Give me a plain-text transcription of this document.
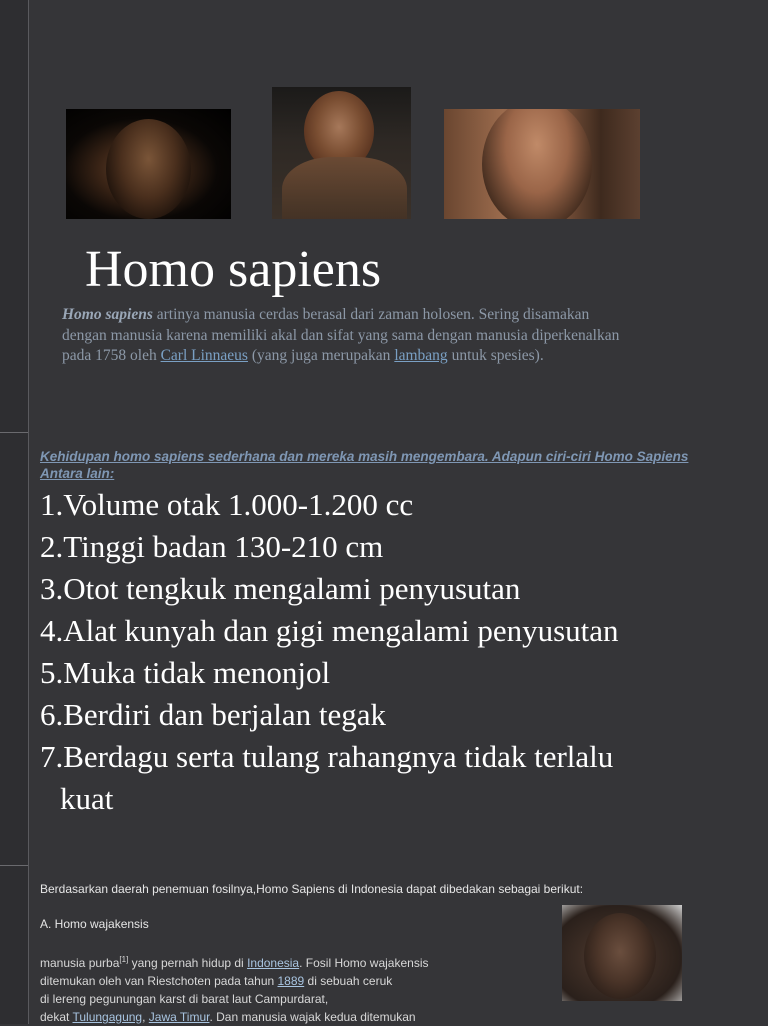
Homo sapiens

Homo sapiens artinya manusia cerdas berasal dari zaman holosen. Sering disamakan dengan manusia karena memiliki akal dan sifat yang sama dengan manusia diperkenalkan pada 1758 oleh Carl Linnaeus (yang juga merupakan lambang untuk spesies).

Kehidupan homo sapiens sederhana dan mereka masih mengembara. Adapun ciri-ciri Homo Sapiens Antara lain:

1.Volume otak 1.000-1.200 cc
2.Tinggi badan 130-210 cm
3.Otot tengkuk mengalami penyusutan
4.Alat kunyah dan gigi mengalami penyusutan
5.Muka tidak menonjol
6.Berdiri dan berjalan tegak
7.Berdagu serta tulang rahangnya tidak terlalu
kuat

Berdasarkan daerah penemuan fosilnya,Homo Sapiens di Indonesia dapat dibedakan sebagai berikut:

A. Homo wajakensis

manusia purba[1] yang pernah hidup di Indonesia. Fosil Homo wajakensis
ditemukan oleh van Riestchoten pada tahun 1889 di sebuah ceruk
di lereng pegunungan karst di barat laut Campurdarat,
dekat Tulungagung, Jawa Timur. Dan manusia wajak kedua ditemukan
